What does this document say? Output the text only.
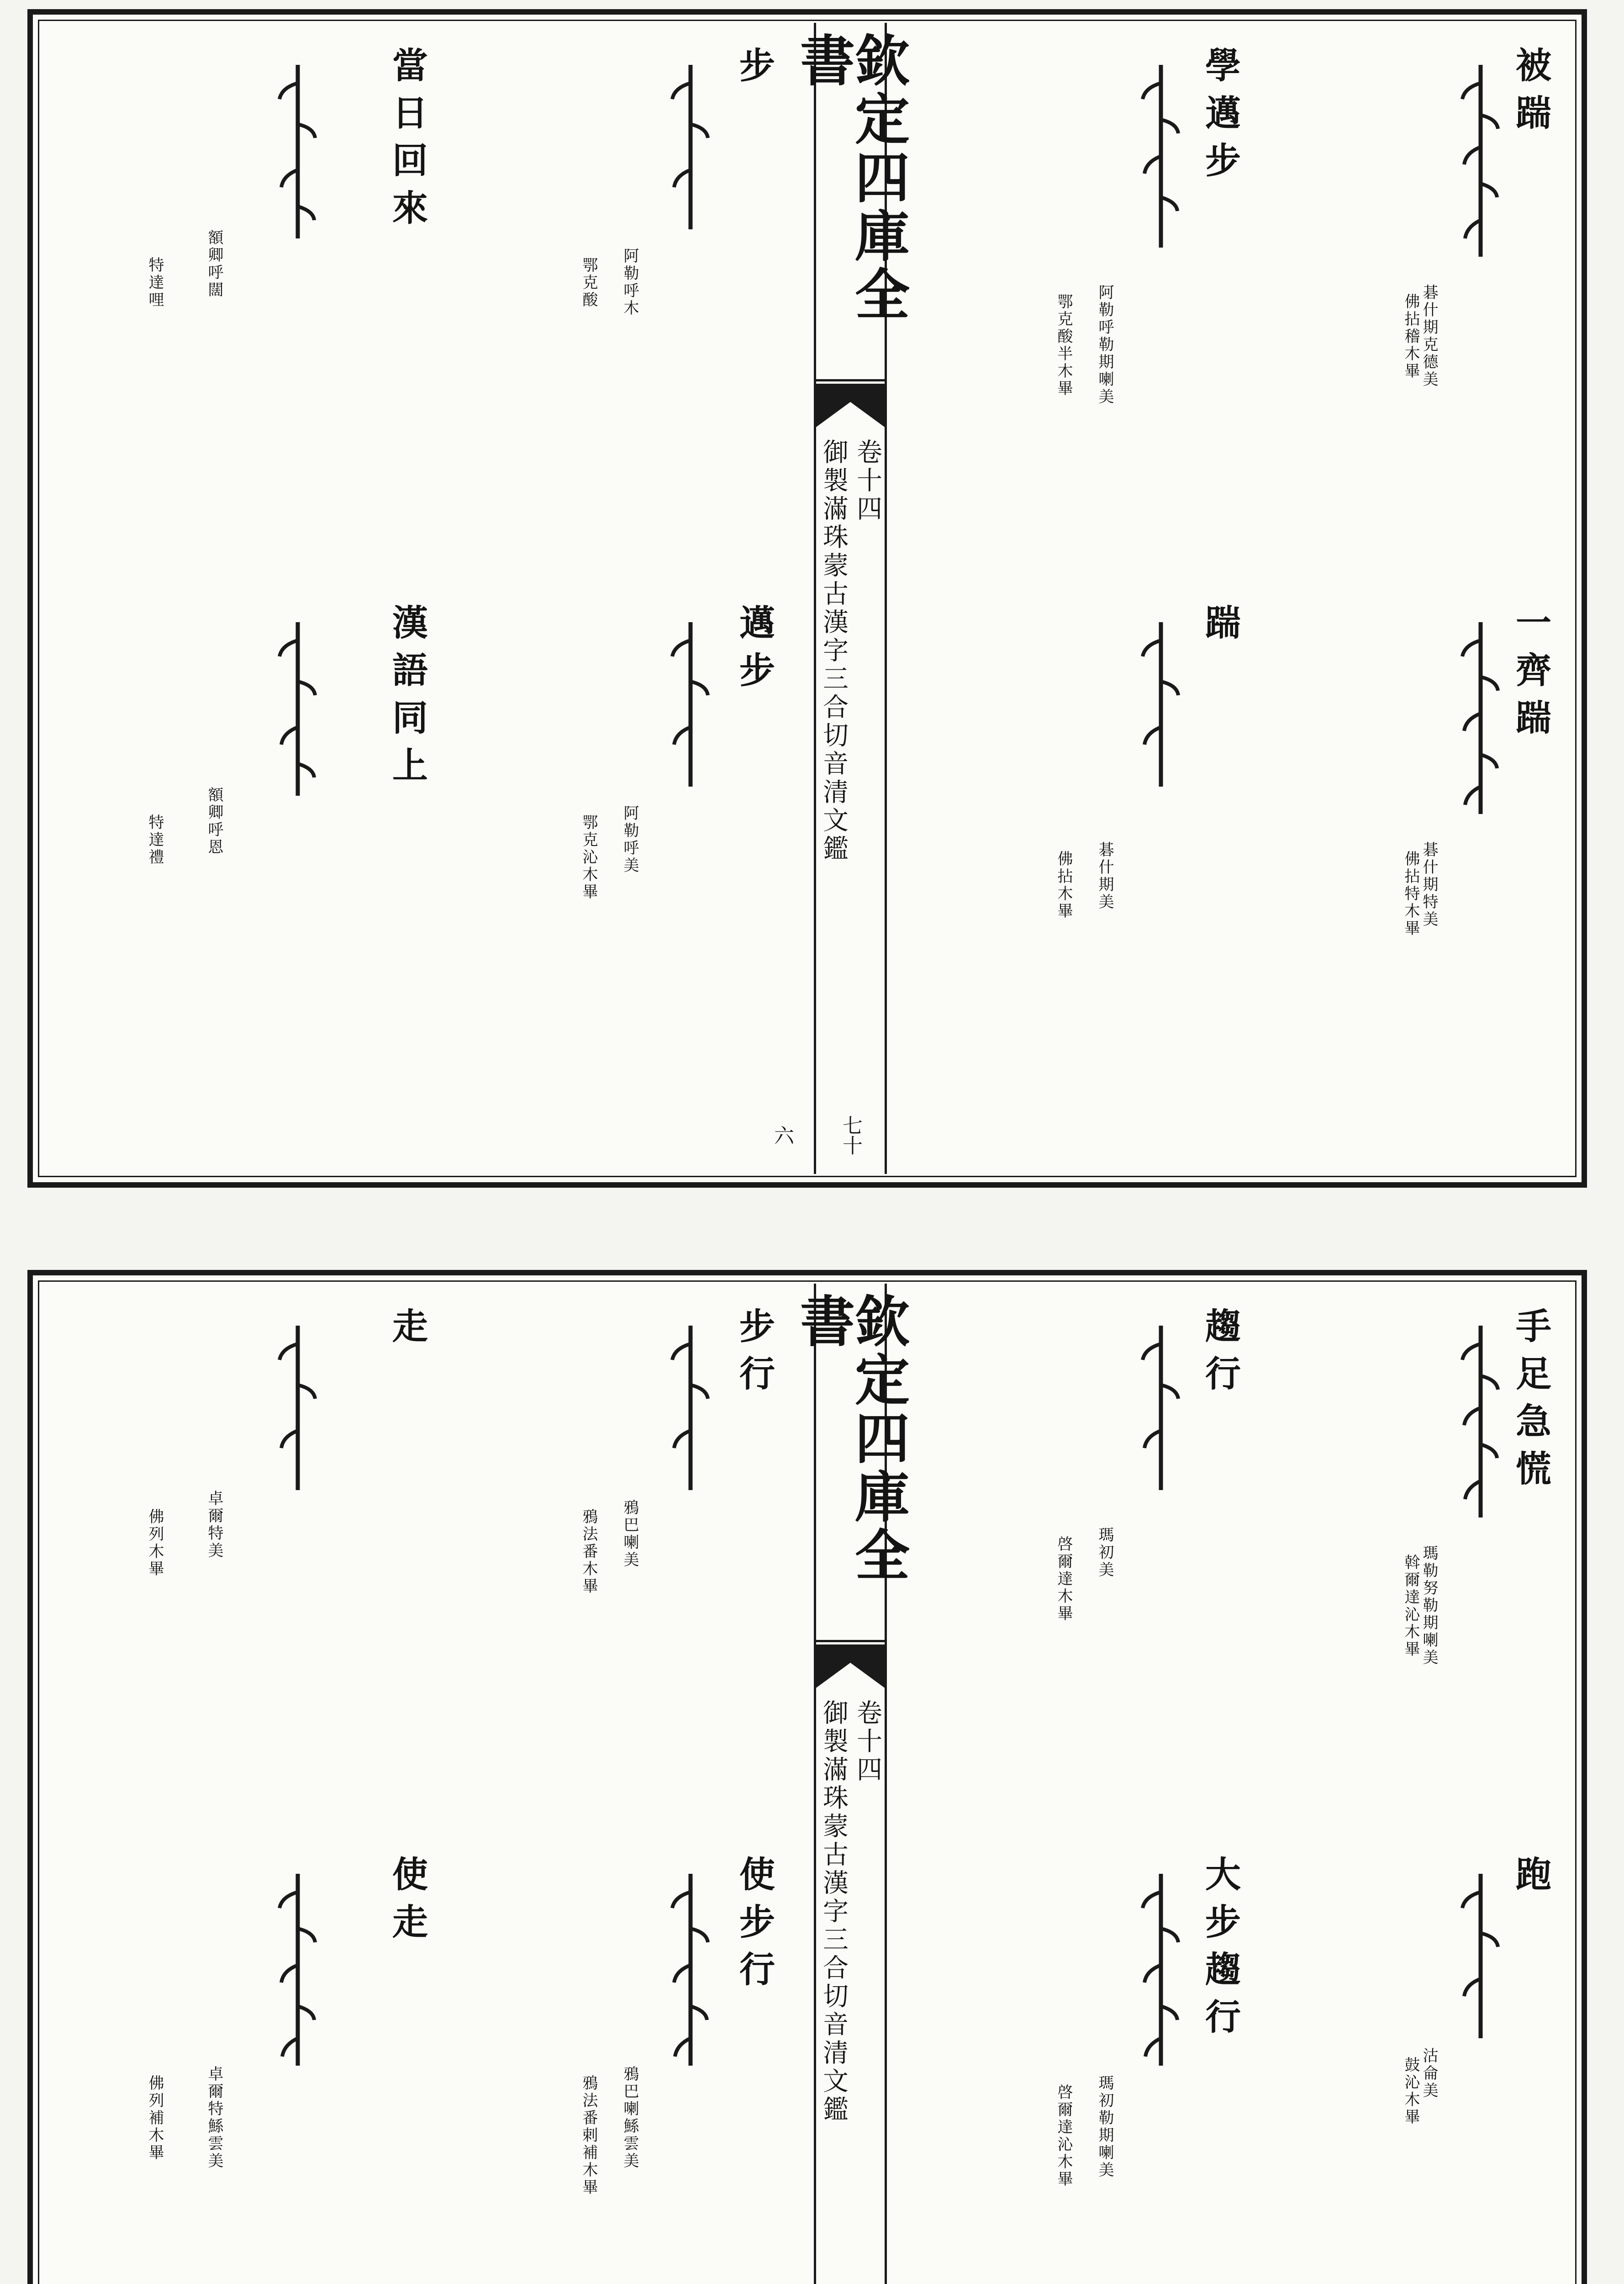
被踹
碁什期克德美
佛拈稽木畢
一齊踹
碁什期特美
佛拈特木畢
學邁步
阿勒呼勒期喇美
鄂克酸半木畢
踹
碁什期美
佛拈木畢
欽定四庫全書
卷十四
御製滿珠蒙古漢字三合切音清文鑑
七十六
步
阿勒呼木
鄂克酸
當日回來
額卿呼闊
特達哩
邁步
阿勒呼美
鄂克沁木畢
漢語同上
額卿呼恩
特達禮
手足急慌
瑪勒努勒期喇美
斡爾達沁木畢
跑
沽侖美
鼓沁木畢
趨行
瑪初美
啓爾達木畢
大步趨行
瑪初勒期喇美
啓爾達沁木畢
欽定四庫全書
卷十四
御製滿珠蒙古漢字三合切音清文鑑
步行
鴉巴喇美
鴉法番木畢
走
卓爾特美
佛列木畢
使步行
鴉巴喇鯀雲美
鴉法番剌補木畢
使走
卓爾特鯀雲美
佛列補木畢
